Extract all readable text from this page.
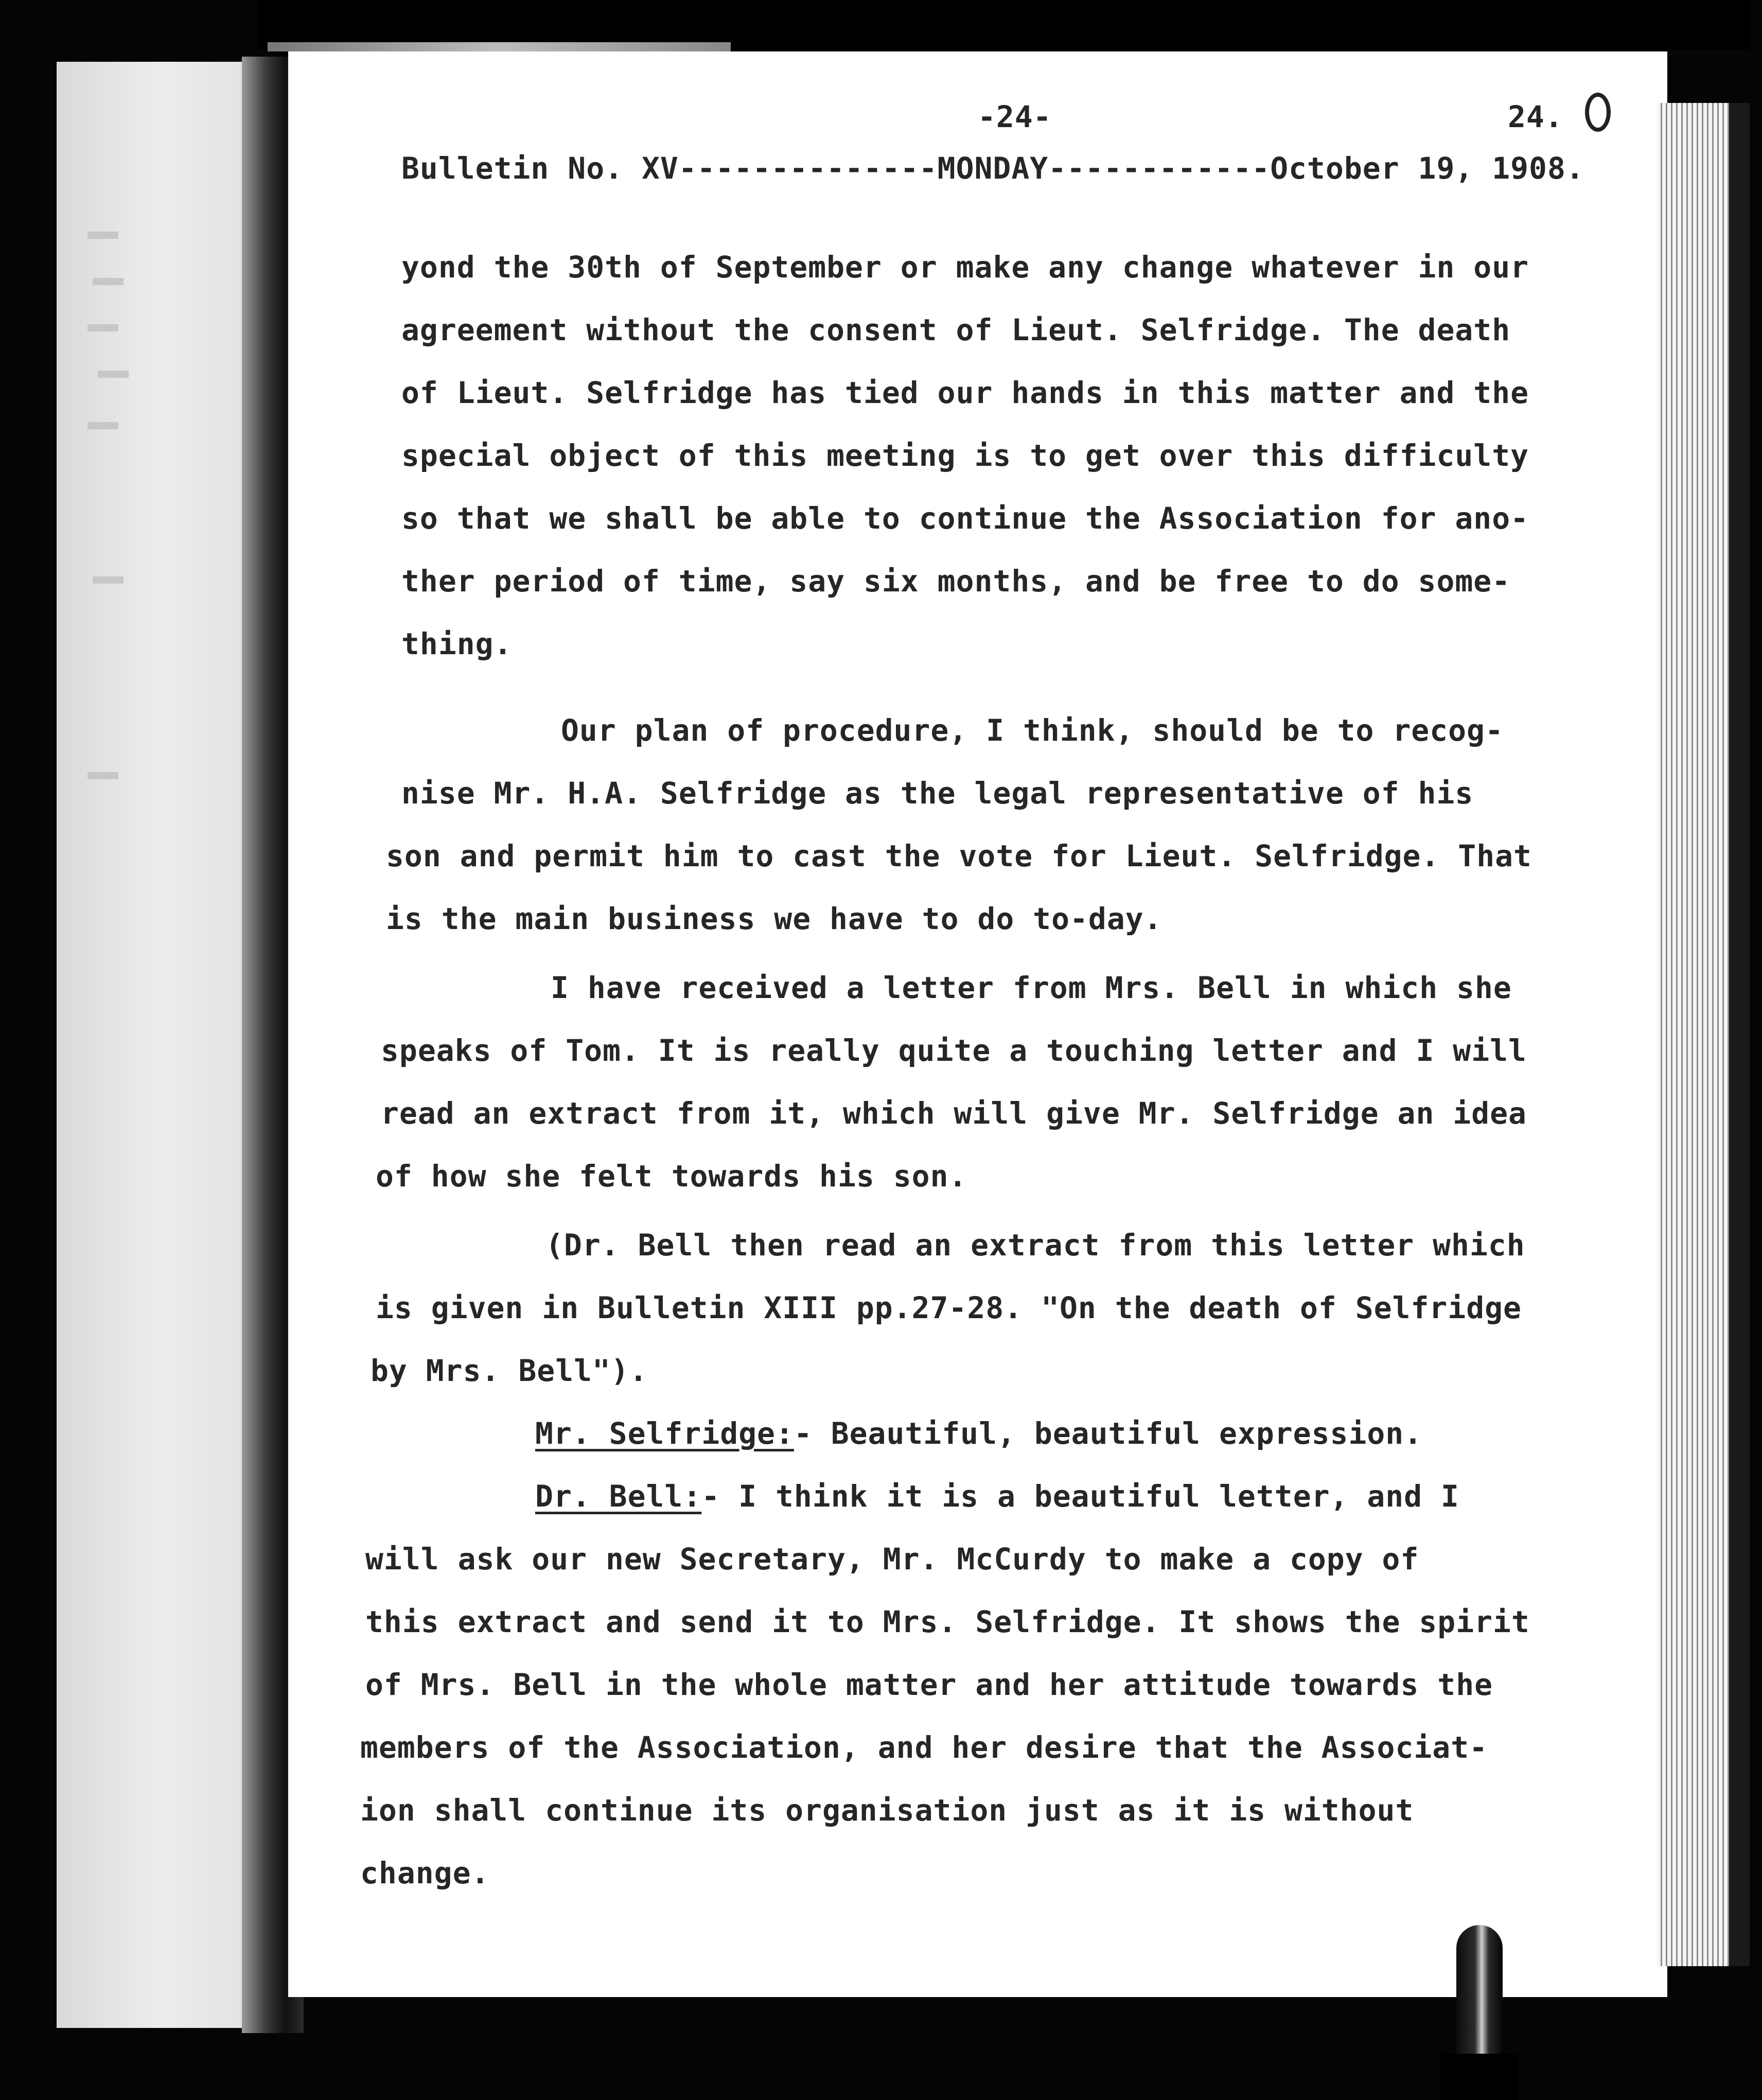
-24-	24.
Bulletin No. XV--------------MONDAY------------October 19, 1908.
yond the 30th of September or make any change whatever in our
agreement without the consent of Lieut. Selfridge. The death
of Lieut. Selfridge has tied our hands in this matter and the
special object of this meeting is to get over this difficulty
so that we shall be able to continue the Association for ano-
ther period of time, say six months, and be free to do some-
thing.
Our plan of procedure, I think, should be to recog-
nise Mr. H.A. Selfridge as the legal representative of his
son and permit him to cast the vote for Lieut. Selfridge. That
is the main business we have to do to-day.
I have received a letter from Mrs. Bell in which she
speaks of Tom. It is really quite a touching letter and I will
read an extract from it, which will give Mr. Selfridge an idea
of how she felt towards his son.
(Dr. Bell then read an extract from this letter which
is given in Bulletin XIII pp.27-28. "On the death of Selfridge
by Mrs. Bell").
Mr. Selfridge:- Beautiful, beautiful expression.
Dr. Bell:- I think it is a beautiful letter, and I
will ask our new Secretary, Mr. McCurdy to make a copy of
this extract and send it to Mrs. Selfridge. It shows the spirit
of Mrs. Bell in the whole matter and her attitude towards the
members of the Association, and her desire that the Associat-
ion shall continue its organisation just as it is without
change.
